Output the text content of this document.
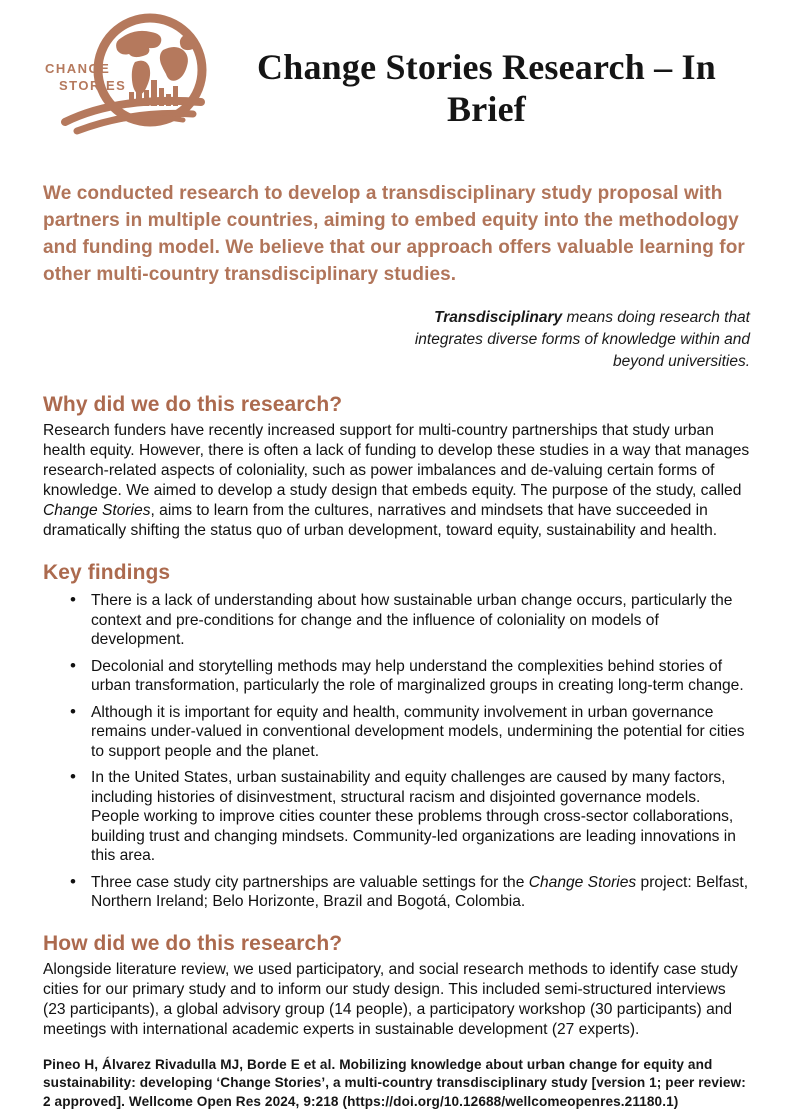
CHANGE
STORIES	Change Stories Research – In Brief

We conducted research to develop a transdisciplinary study proposal with partners in multiple countries, aiming to embed equity into the methodology and funding model. We believe that our approach offers valuable learning for other multi-country transdisciplinary studies.

Transdisciplinary means doing research that integrates diverse forms of knowledge within and beyond universities.

Why did we do this research?

Research funders have recently increased support for multi-country partnerships that study urban health equity. However, there is often a lack of funding to develop these studies in a way that manages research-related aspects of coloniality, such as power imbalances and de-valuing certain forms of knowledge. We aimed to develop a study design that embeds equity. The purpose of the study, called Change Stories, aims to learn from the cultures, narratives and mindsets that have succeeded in dramatically shifting the status quo of urban development, toward equity, sustainability and health.

Key findings
• There is a lack of understanding about how sustainable urban change occurs, particularly the context and pre-conditions for change and the influence of coloniality on models of development.
• Decolonial and storytelling methods may help understand the complexities behind stories of urban transformation, particularly the role of marginalized groups in creating long-term change.
• Although it is important for equity and health, community involvement in urban governance remains under-valued in conventional development models, undermining the potential for cities to support people and the planet.
• In the United States, urban sustainability and equity challenges are caused by many factors, including histories of disinvestment, structural racism and disjointed governance models. People working to improve cities counter these problems through cross-sector collaborations, building trust and changing mindsets. Community-led organizations are leading innovations in this area.
• Three case study city partnerships are valuable settings for the Change Stories project: Belfast, Northern Ireland; Belo Horizonte, Brazil and Bogotá, Colombia.
How did we do this research?

Alongside literature review, we used participatory, and social research methods to identify case study cities for our primary study and to inform our study design. This included semi-structured interviews (23 participants), a global advisory group (14 people), a participatory workshop (30 participants) and meetings with international academic experts in sustainable development (27 experts).

Pineo H, Álvarez Rivadulla MJ, Borde E et al. Mobilizing knowledge about urban change for equity and sustainability: developing ‘Change Stories’, a multi-country transdisciplinary study [version 1; peer review: 2 approved]. Wellcome Open Res 2024, 9:218 (https://doi.org/10.12688/wellcomeopenres.21180.1)
